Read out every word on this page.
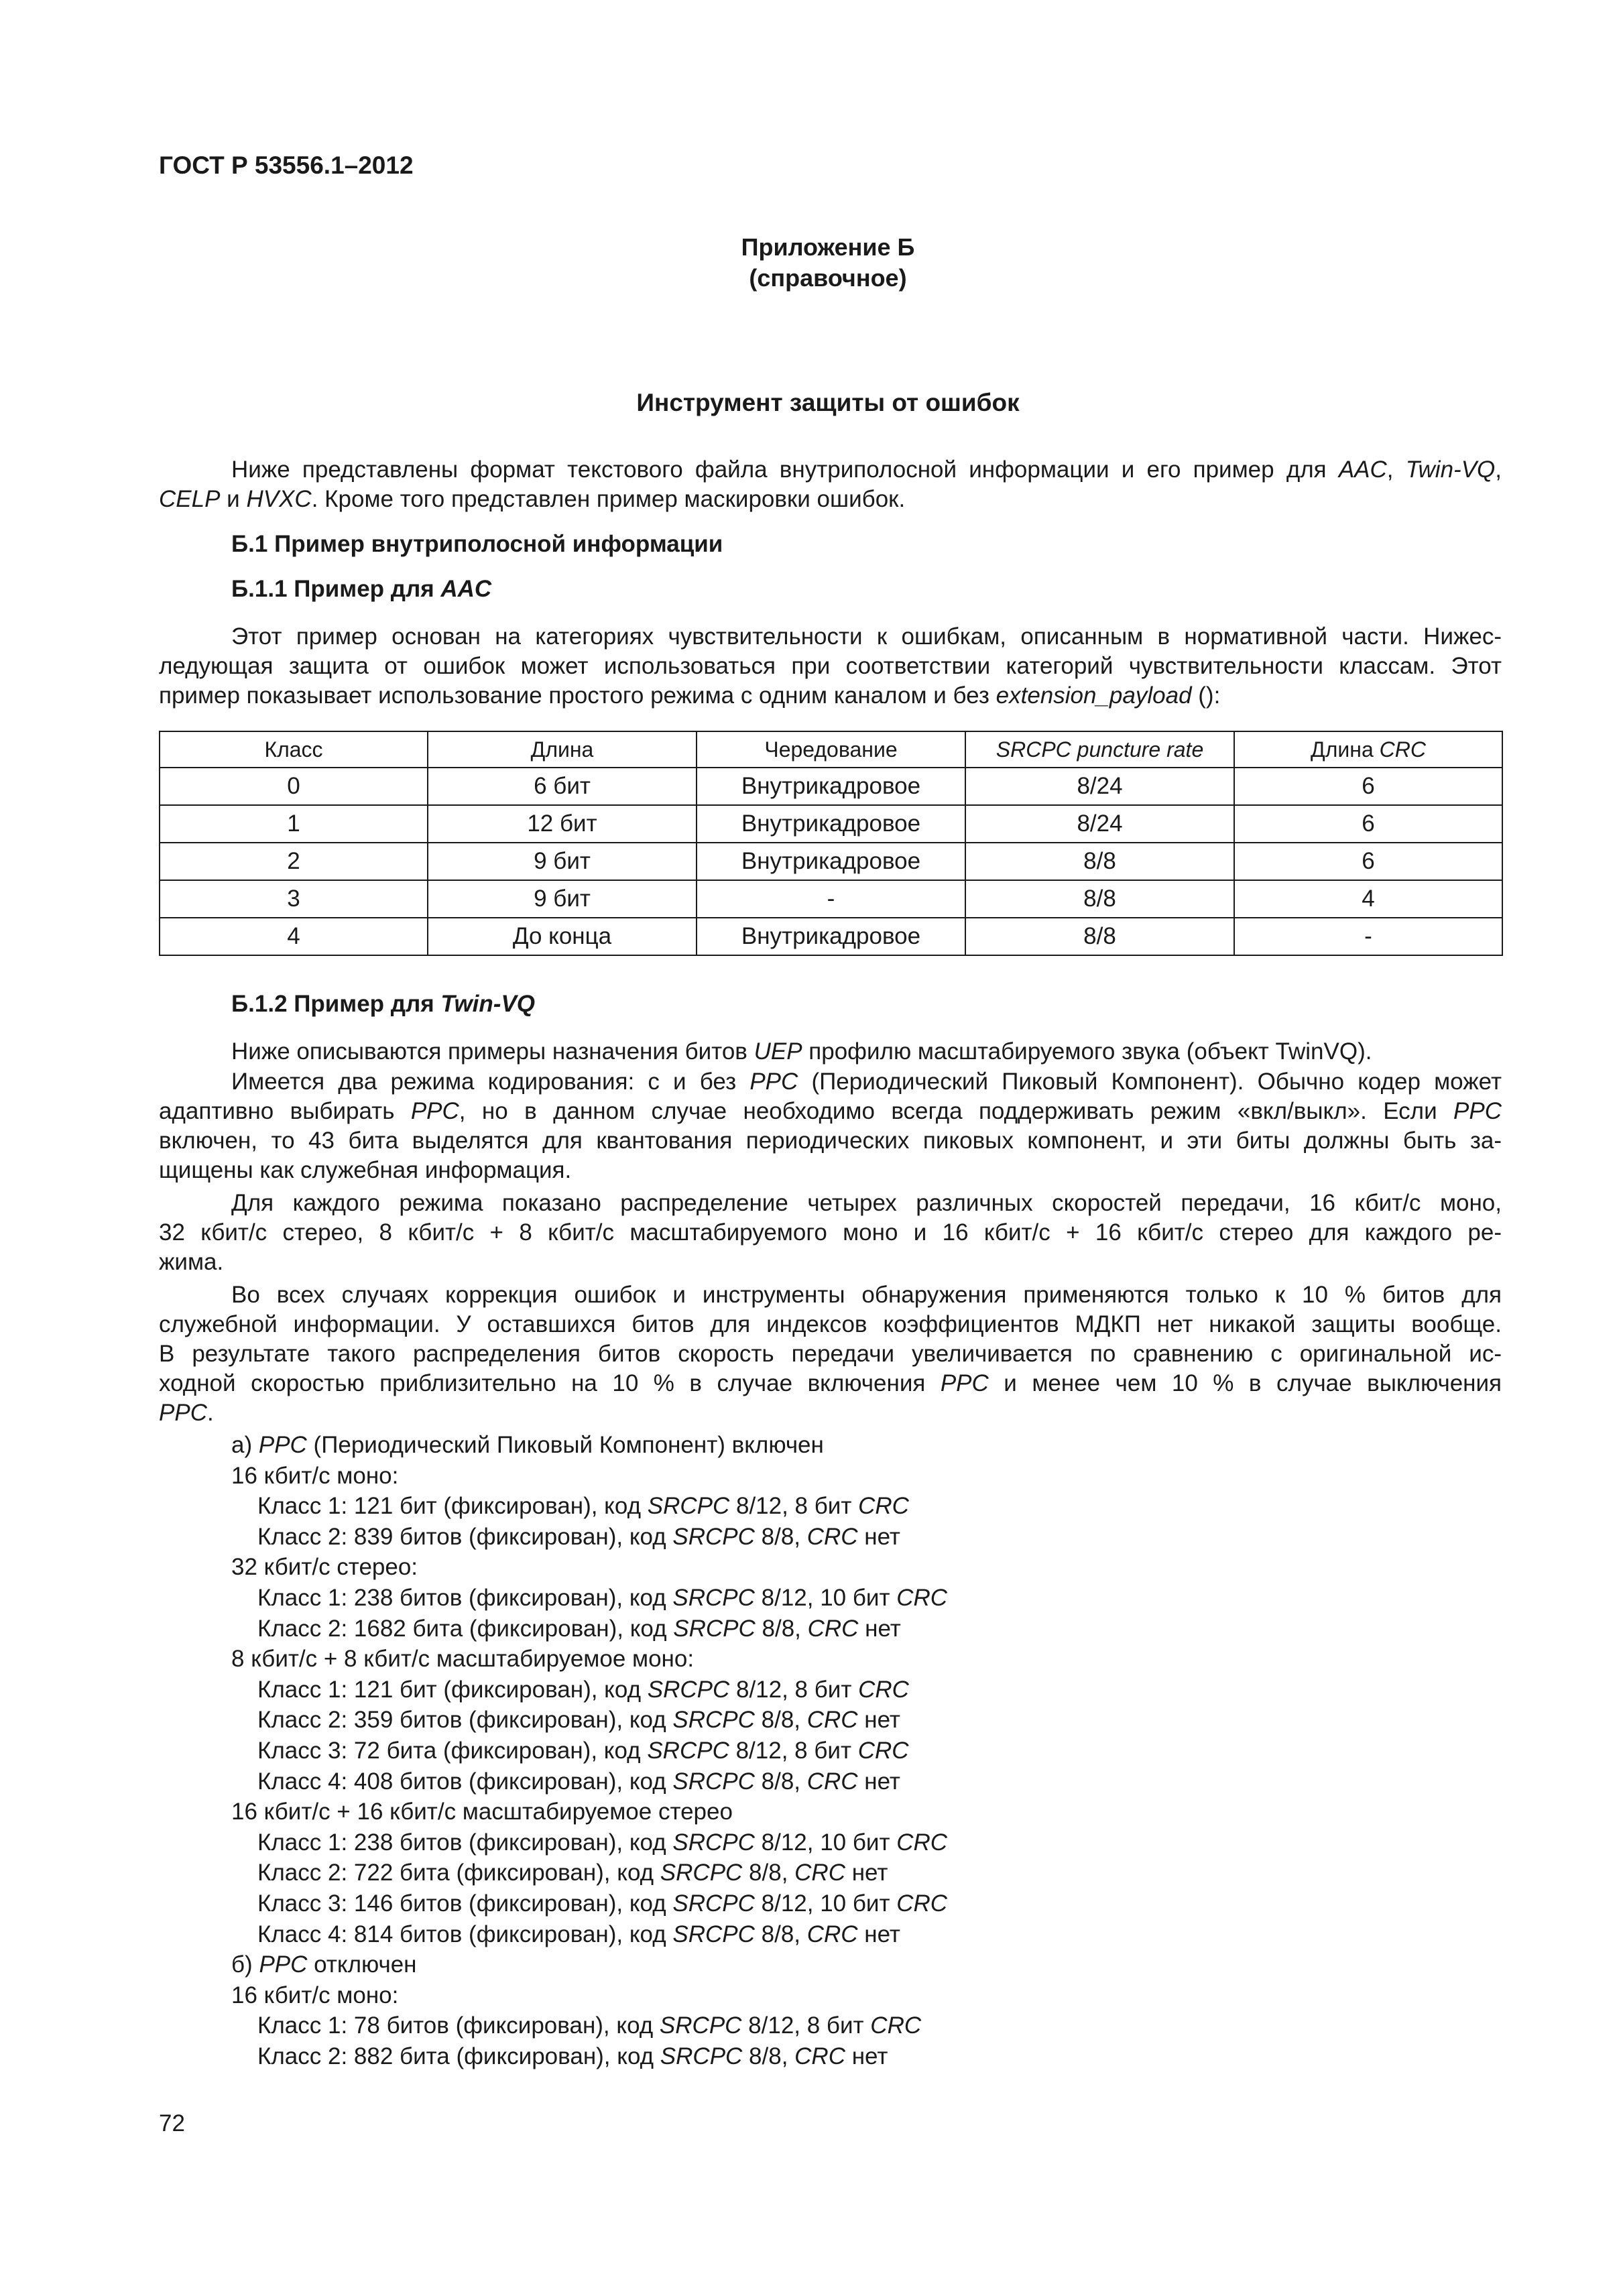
ГОСТ Р 53556.1–2012
Приложение Б
(справочное)
Инструмент защиты от ошибок
Ниже представлены формат текстового файла внутриполосной информации и его пример для AAC, Twin-VQ,
CELP и HVXC. Кроме того представлен пример маскировки ошибок.
Б.1 Пример внутриполосной информации
Б.1.1 Пример для AAC
Этот пример основан на категориях чувствительности к ошибкам, описанным в нормативной части. Нижес-
ледующая защита от ошибок может использоваться при соответствии категорий чувствительности классам. Этот
пример показывает использование простого режима с одним каналом и без extension_payload ():
Класс	Длина	Чередование	SRCPC puncture rate	Длина CRC
0	6 бит	Внутрикадровое	8/24	6
1	12 бит	Внутрикадровое	8/24	6
2	9 бит	Внутрикадровое	8/8	6
3	9 бит	-	8/8	4
4	До конца	Внутрикадровое	8/8	-
Б.1.2 Пример для Twin-VQ
Ниже описываются примеры назначения битов UEP профилю масштабируемого звука (объект TwinVQ).
Имеется два режима кодирования: с и без PPC (Периодический Пиковый Компонент). Обычно кодер может
адаптивно выбирать PPC, но в данном случае необходимо всегда поддерживать режим «вкл/выкл». Если PPC
включен, то 43 бита выделятся для квантования периодических пиковых компонент, и эти биты должны быть за-
щищены как служебная информация.
Для каждого режима показано распределение четырех различных скоростей передачи, 16 кбит/с моно,
32 кбит/с стерео, 8 кбит/с + 8 кбит/с масштабируемого моно и 16 кбит/с + 16 кбит/с стерео для каждого ре-
жима.
Во всех случаях коррекция ошибок и инструменты обнаружения применяются только к 10 % битов для
служебной информации. У оставшихся битов для индексов коэффициентов МДКП нет никакой защиты вообще.
В результате такого распределения битов скорость передачи увеличивается по сравнению с оригинальной ис-
ходной скоростью приблизительно на 10 % в случае включения PPC и менее чем 10 % в случае выключения
PPC.
а) PPC (Периодический Пиковый Компонент) включен
16 кбит/с моно:
Класс 1: 121 бит (фиксирован), код SRCPC 8/12, 8 бит CRC
Класс 2: 839 битов (фиксирован), код SRCPC 8/8, CRC нет
32 кбит/с стерео:
Класс 1: 238 битов (фиксирован), код SRCPC 8/12, 10 бит CRC
Класс 2: 1682 бита (фиксирован), код SRCPC 8/8, CRC нет
8 кбит/с + 8 кбит/с масштабируемое моно:
Класс 1: 121 бит (фиксирован), код SRCPC 8/12, 8 бит CRC
Класс 2: 359 битов (фиксирован), код SRCPC 8/8, CRC нет
Класс 3: 72 бита (фиксирован), код SRCPC 8/12, 8 бит CRC
Класс 4: 408 битов (фиксирован), код SRCPC 8/8, CRC нет
16 кбит/с + 16 кбит/с масштабируемое стерео
Класс 1: 238 битов (фиксирован), код SRCPC 8/12, 10 бит CRC
Класс 2: 722 бита (фиксирован), код SRCPC 8/8, CRC нет
Класс 3: 146 битов (фиксирован), код SRCPC 8/12, 10 бит CRC
Класс 4: 814 битов (фиксирован), код SRCPC 8/8, CRC нет
б) PPC отключен
16 кбит/с моно:
Класс 1: 78 битов (фиксирован), код SRCPC 8/12, 8 бит CRC
Класс 2: 882 бита (фиксирован), код SRCPC 8/8, CRC нет
72
